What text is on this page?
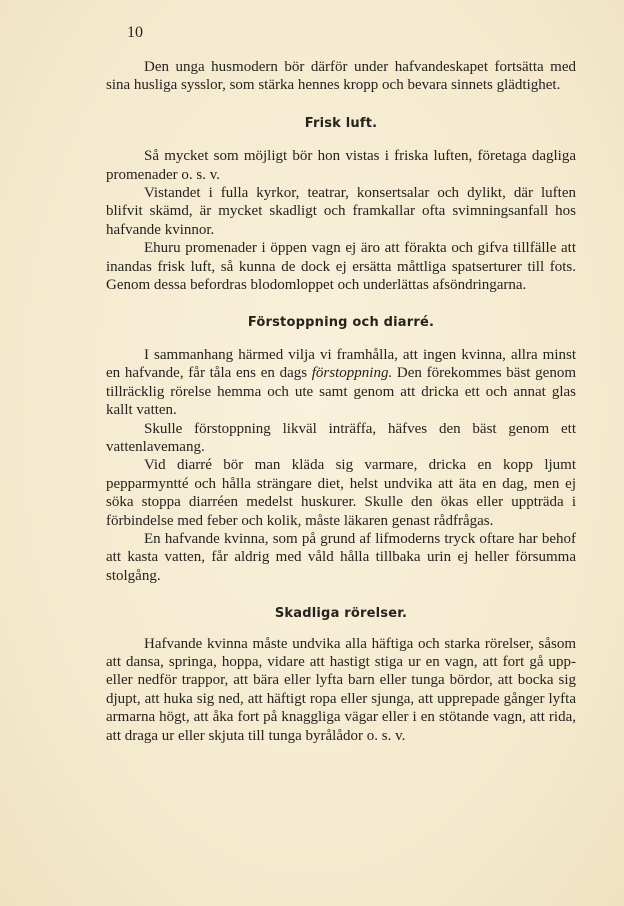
10

Den unga husmodern bör därför under hafvandeskapet fortsätta med sina husliga sysslor, som stärka hennes kropp och bevara sinnets glädtighet.

Frisk luft.

Så mycket som möjligt bör hon vistas i friska luften, företaga dagliga promenader o. s. v.

Vistandet i fulla kyrkor, teatrar, konsertsalar och dylikt, där luften blifvit skämd, är mycket skadligt och framkallar ofta svimningsanfall hos hafvande kvinnor.

Ehuru promenader i öppen vagn ej äro att förakta och gifva tillfälle att inandas frisk luft, så kunna de dock ej ersätta måttliga spatserturer till fots. Genom dessa befordras blodomloppet och underlättas afsöndringarna.

Förstoppning och diarré.

I sammanhang härmed vilja vi framhålla, att ingen kvinna, allra minst en hafvande, får tåla ens en dags förstoppning. Den förekommes bäst genom tillräcklig rörelse hemma och ute samt genom att dricka ett och annat glas kallt vatten.

Skulle förstoppning likväl inträffa, häfves den bäst genom ett vattenlavemang.

Vid diarré bör man kläda sig varmare, dricka en kopp ljumt pepparmyntté och hålla strängare diet, helst undvika att äta en dag, men ej söka stoppa diarréen medelst huskurer. Skulle den ökas eller uppträda i förbindelse med feber och kolik, måste läkaren genast rådfrågas.

En hafvande kvinna, som på grund af lifmoderns tryck oftare har behof att kasta vatten, får aldrig med våld hålla tillbaka urin ej heller försumma stolgång.

Skadliga rörelser.

Hafvande kvinna måste undvika alla häftiga och starka rörelser, såsom att dansa, springa, hoppa, vidare att hastigt stiga ur en vagn, att fort gå upp- eller nedför trappor, att bära eller lyfta barn eller tunga bördor, att bocka sig djupt, att huka sig ned, att häftigt ropa eller sjunga, att upprepade gånger lyfta armarna högt, att åka fort på knaggliga vägar eller i en stötande vagn, att rida, att draga ur eller skjuta till tunga byrålådor o. s. v.
